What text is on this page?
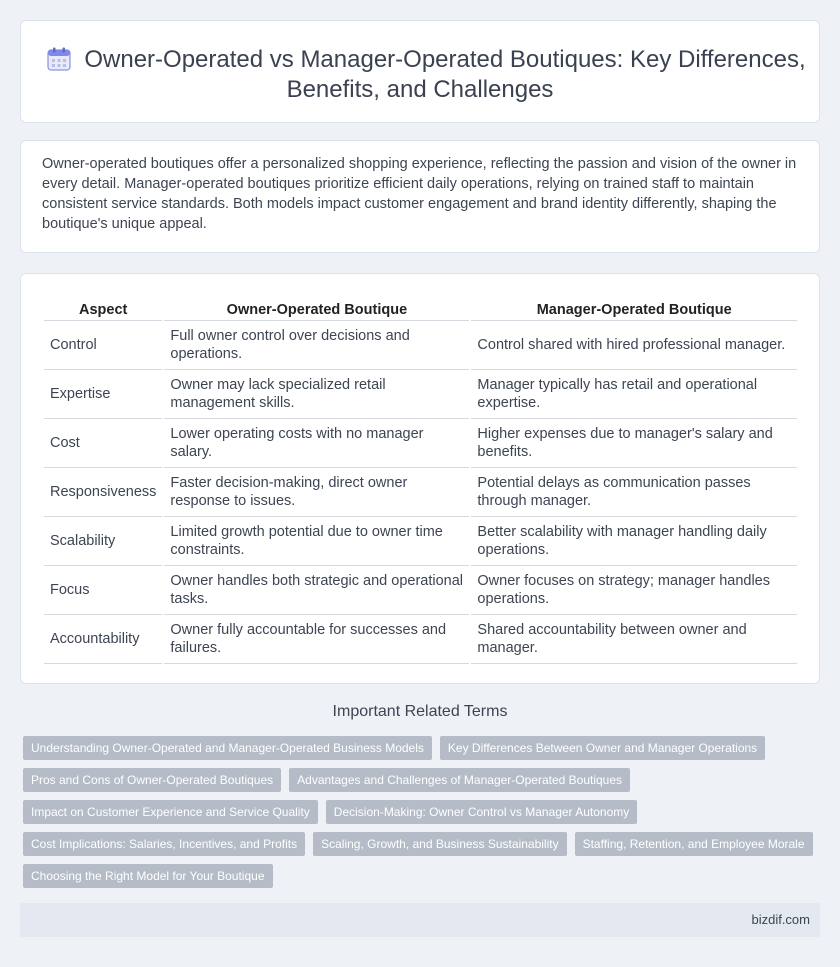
Owner-Operated vs Manager-Operated Boutiques: Key Differences,
Benefits, and Challenges

Owner-operated boutiques offer a personalized shopping experience, reflecting the passion and vision of the owner in every detail. Manager-operated boutiques prioritize efficient daily operations, relying on trained staff to maintain consistent service standards. Both models impact customer engagement and brand identity differently, shaping the boutique's unique appeal.

Aspect	Owner-Operated Boutique	Manager-Operated Boutique
Control	Full owner control over decisions and operations.	Control shared with hired professional manager.
Expertise	Owner may lack specialized retail management skills.	Manager typically has retail and operational expertise.
Cost	Lower operating costs with no manager salary.	Higher expenses due to manager's salary and benefits.
Responsiveness	Faster decision-making, direct owner response to issues.	Potential delays as communication passes through manager.
Scalability	Limited growth potential due to owner time constraints.	Better scalability with manager handling daily operations.
Focus	Owner handles both strategic and operational tasks.	Owner focuses on strategy; manager handles operations.
Accountability	Owner fully accountable for successes and failures.	Shared accountability between owner and manager.
Important Related Terms
Understanding Owner-Operated and Manager-Operated Business Models	Key Differences Between Owner and Manager Operations
Pros and Cons of Owner-Operated Boutiques	Advantages and Challenges of Manager-Operated Boutiques
Impact on Customer Experience and Service Quality	Decision-Making: Owner Control vs Manager Autonomy
Cost Implications: Salaries, Incentives, and Profits	Scaling, Growth, and Business Sustainability	Staffing, Retention, and Employee Morale
Choosing the Right Model for Your Boutique
bizdif.com
